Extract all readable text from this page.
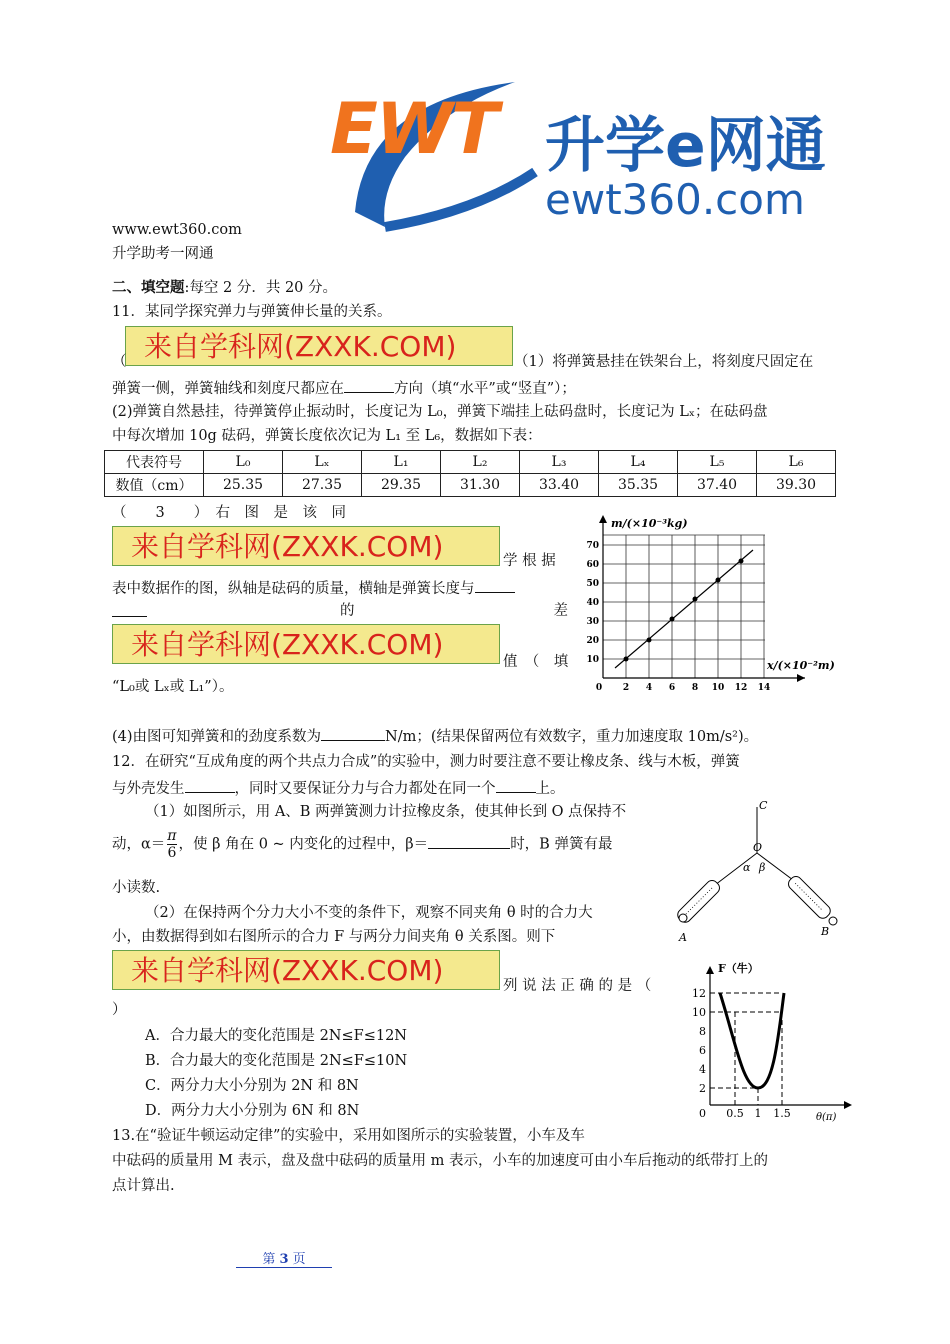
EWT 升学e网通
ewt360.com
www.ewt360.com
升学助考一网通
二、填空题:每空 2 分．共 20 分。
11．某同学探究弹力与弹簧伸长量的关系。
来自学科网(ZXXK.COM)
（	（1）将弹簧悬挂在铁架台上，将刻度尺固定在
弹簧一侧，弹簧轴线和刻度尺都应在	方向（填“水平”或“竖直”）；
(2)弹簧自然悬挂，待弹簧停止振动时，长度记为 L₀，弹簧下端挂上砝码盘时，长度记为 Lₓ；在砝码盘
中每次增加 10g 砝码，弹簧长度依次记为 L₁ 至 L₆，数据如下表：
代表符号	L₀	Lₓ	L₁	L₂	L₃	L₄	L₅	L₆
数值（cm）	25.35	27.35	29.35	31.30	33.40	35.35	37.40	39.30
（　　3　　）　右　图　是　该　同
来自学科网(ZXXK.COM)	学 根 据
表中数据作的图，纵轴是砝码的质量，横轴是弹簧长度与
的	差
来自学科网(ZXXK.COM)
值　（　填
“L₀或 Lₓ或 L₁”）。
m/(×10⁻³kg)
x/(×10⁻²m)
70
60
50
40
30
20
10
0 2 4 6 8 10 12 14
(4)由图可知弹簧和的劲度系数为	N/m；(结果保留两位有效数字，重力加速度取 10m/s²)。
12．在研究“互成角度的两个共点力合成”的实验中，测力时要注意不要让橡皮条、线与木板，弹簧
与外壳发生	，同时又要保证分力与合力都处在同一个	上。
（1）如图所示，用 A、B 两弹簧测力计拉橡皮条，使其伸长到 O 点保持不
动，$\alpha= \frac{\pi}{6}$ ，使 β 角在 0 ~ 内变化的过程中，β＝	时，B 弹簧有最
小读数.
（2）在保持两个分力大小不变的条件下，观察不同夹角 θ 时的合力大
小，由数据得到如右图所示的合力 F 与两分力间夹角 θ 关系图。则下
来自学科网(ZXXK.COM)	列 说 法 正 确 的 是 （
）
A．合力最大的变化范围是 2N≤F≤12N
B．合力最大的变化范围是 2N≤F≤10N
C．两分力大小分别为 2N 和 8N
D．两分力大小分别为 6N 和 8N
C
O
α β
A	B
F（牛）
θ(π)
12
10
8
6
4
2
0 0.5 1 1.5
13.在“验证牛顿运动定律”的实验中，采用如图所示的实验装置，小车及车
中砝码的质量用 M 表示，盘及盘中砝码的质量用 m 表示，小车的加速度可由小车后拖动的纸带打上的
点计算出.
第 3 页
